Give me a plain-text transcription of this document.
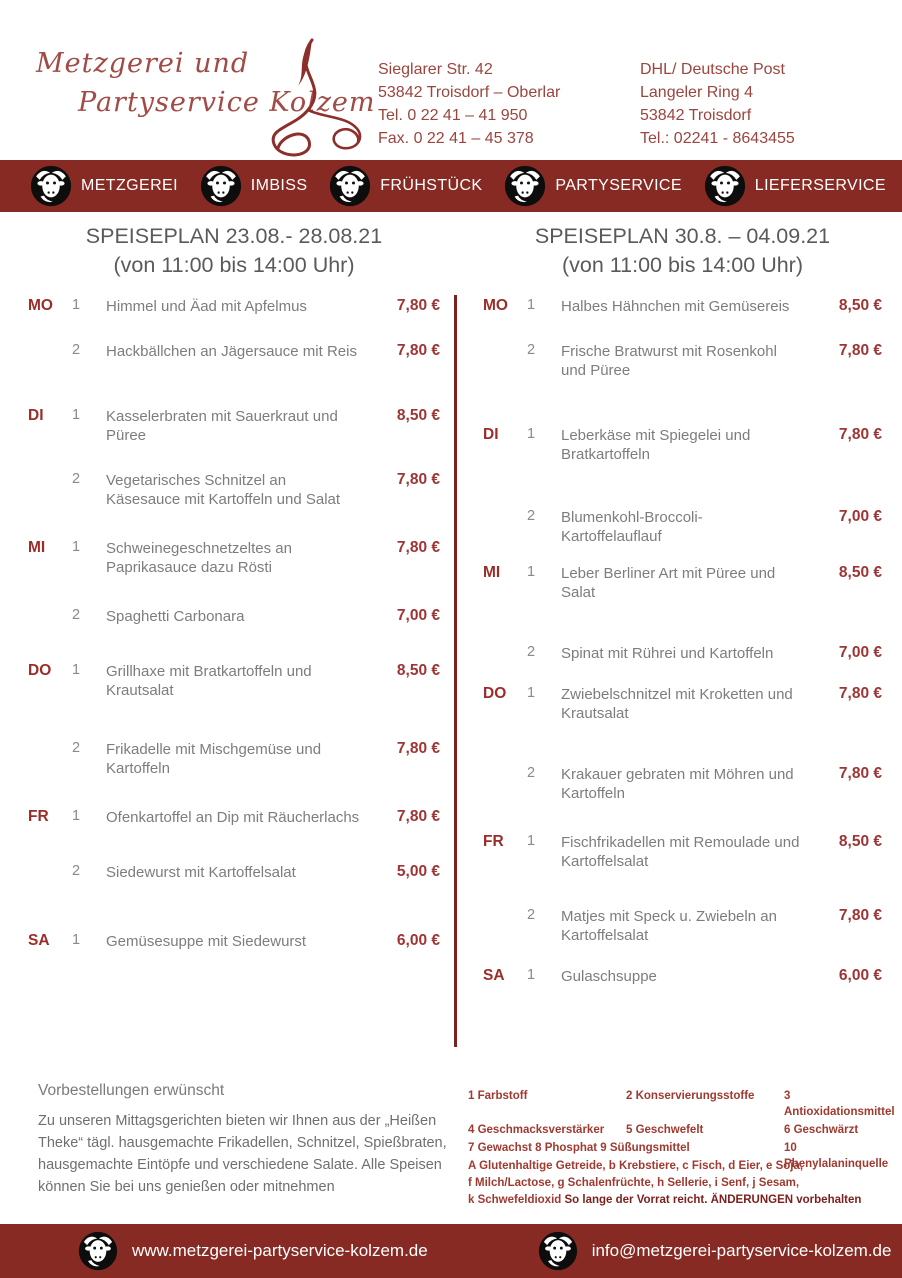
Metzgerei und
Partyservice Kolzem
Sieglarer Str. 42
53842 Troisdorf – Oberlar
Tel. 0 22 41 – 41 950
Fax. 0 22 41 – 45 378
DHL/ Deutsche Post
Langeler Ring 4
53842 Troisdorf
Tel.: 02241 - 8643455
METZGEREI	IMBISS	FRÜHSTÜCK	PARTYSERVICE	LIEFERSERVICE
SPEISEPLAN 23.08.- 28.08.21
(von 11:00 bis 14:00 Uhr)
MO	1	Himmel und Äad mit Apfelmus	7,80 €
2	Hackbällchen an Jägersauce mit Reis	7,80 €
DI	1	Kasselerbraten mit Sauerkraut und Püree
8,50 €
2	Vegetarisches Schnitzel an Käsesauce mit Kartoffeln und Salat
7,80 €
MI	1	Schweinegeschnetzeltes an Paprikasauce dazu Rösti
7,80 €
2	Spaghetti Carbonara	7,00 €
DO	1	Grillhaxe mit Bratkartoffeln und Krautsalat
8,50 €
2	Frikadelle mit Mischgemüse und Kartoffeln
7,80 €
FR	1	Ofenkartoffel an Dip mit Räucherlachs	7,80 €
2	Siedewurst mit Kartoffelsalat	5,00 €
SA	1	Gemüsesuppe mit Siedewurst	6,00 €
SPEISEPLAN 30.8. – 04.09.21
(von 11:00 bis 14:00 Uhr)
MO	1	Halbes Hähnchen mit Gemüsereis	8,50 €
2	Frische Bratwurst mit Rosenkohl und Püree
7,80 €
DI	1	Leberkäse mit Spiegelei und Bratkartoffeln
7,80 €
2	Blumenkohl-Broccoli-Kartoffelauflauf
7,00 €
MI	1	Leber Berliner Art mit Püree und Salat
8,50 €
2	Spinat mit Rührei und Kartoffeln	7,00 €
DO	1	Zwiebelschnitzel mit Kroketten und Krautsalat
7,80 €
2	Krakauer gebraten mit Möhren und Kartoffeln
7,80 €
FR	1	Fischfrikadellen mit Remoulade und Kartoffelsalat
8,50 €
2	Matjes mit Speck u. Zwiebeln an Kartoffelsalat
7,80 €
SA	1	Gulaschsuppe	6,00 €
Vorbestellungen erwünscht
Zu unseren Mittagsgerichten bieten wir Ihnen aus der „Heißen Theke“ tägl. hausgemachte Frikadellen, Schnitzel, Spießbraten, hausgemachte Eintöpfe und verschiedene Salate. Alle Speisen können Sie bei uns genießen oder mitnehmen
1 Farbstoff	2 Konservierungsstoffe	3 Antioxidationsmittel
4 Geschmacksverstärker	5 Geschwefelt	6 Geschwärzt
7 Gewachst 8 Phosphat 9 Süßungsmittel	10 Phenylalaninquelle
A Glutenhaltige Getreide, b Krebstiere, c Fisch, d Eier, e Soja,
f Milch/Lactose, g Schalenfrüchte, h Sellerie, i Senf, j Sesam,
k Schwefeldioxid So lange der Vorrat reicht. ÄNDERUNGEN vorbehalten
www.metzgerei-partyservice-kolzem.de	info@metzgerei-partyservice-kolzem.de
